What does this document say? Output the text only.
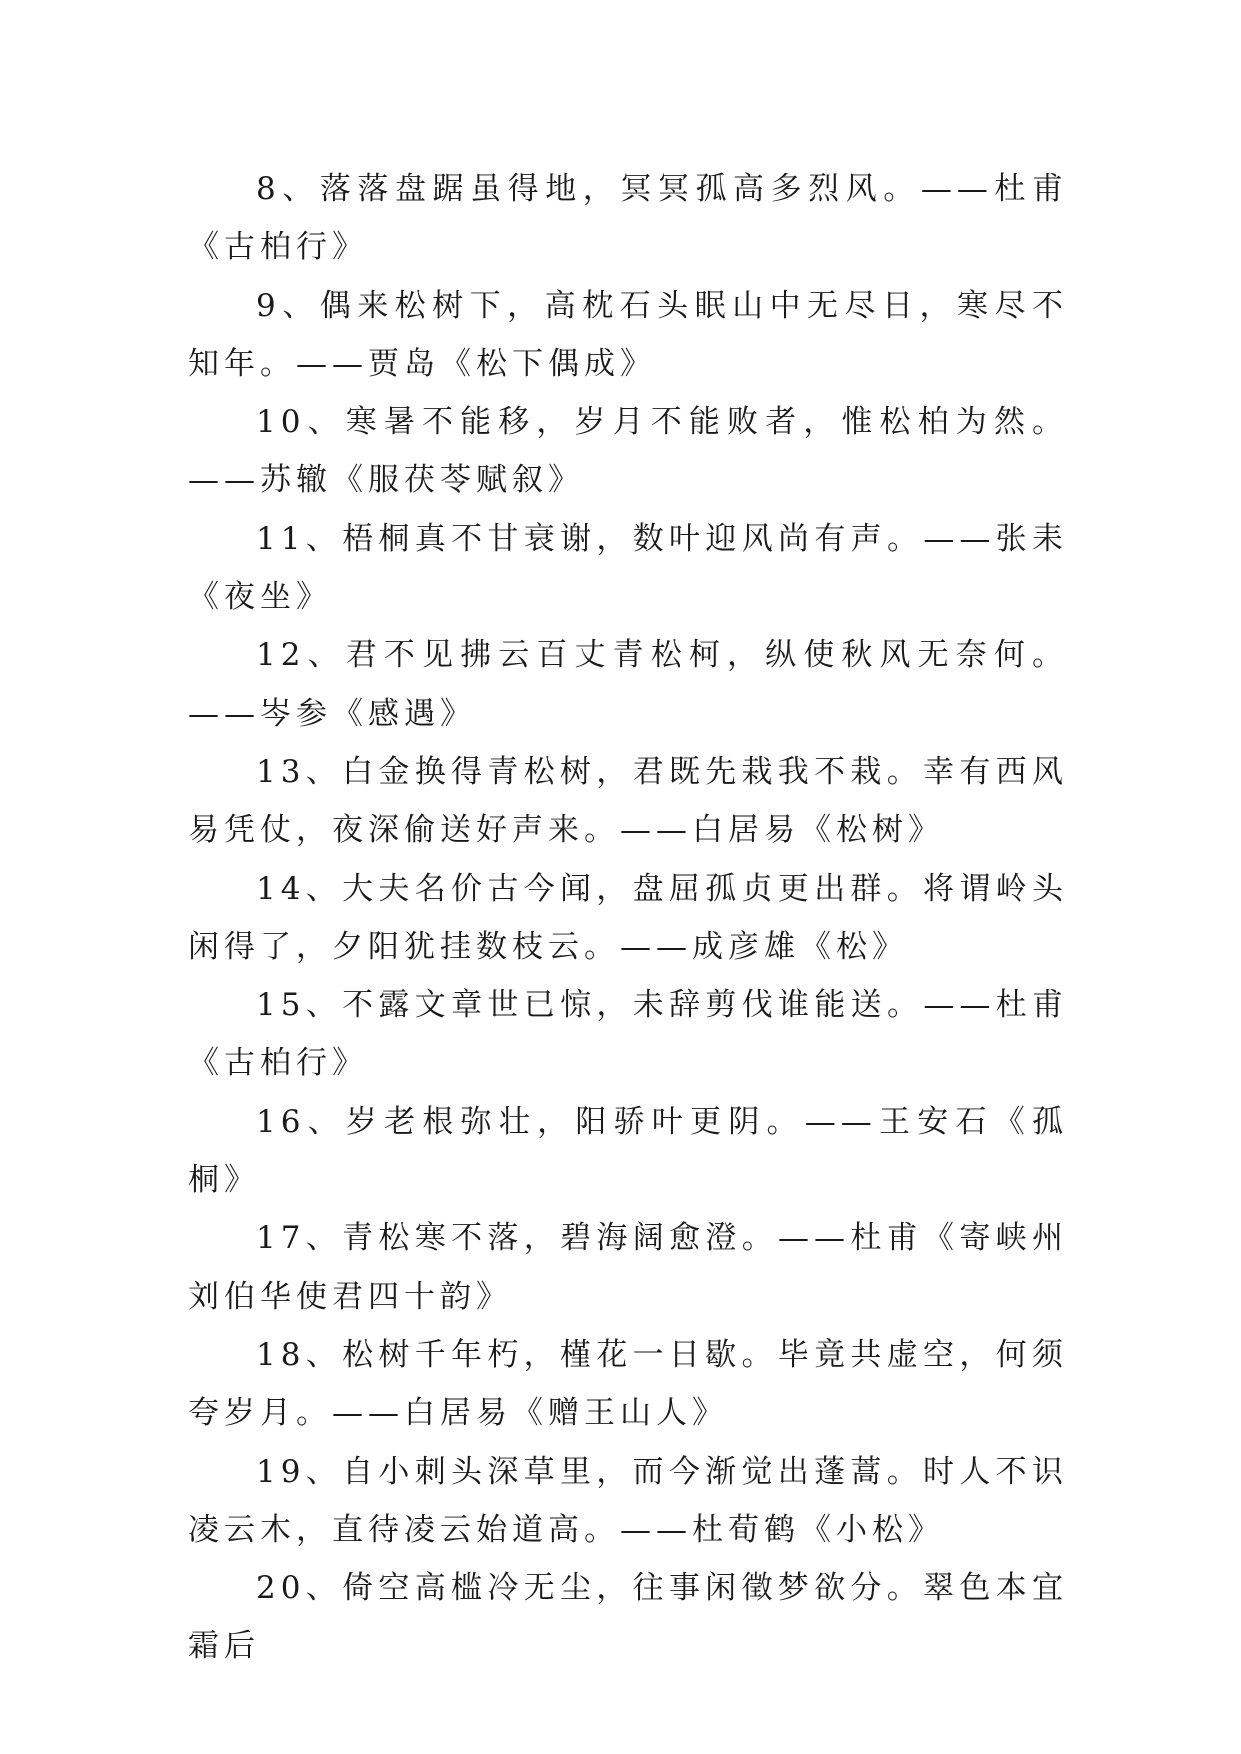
8、落落盘踞虽得地，冥冥孤高多烈风。——杜甫《古柏行》

9、偶来松树下，高枕石头眠山中无尽日，寒尽不知年。——贾岛《松下偶成》

10、寒暑不能移，岁月不能败者，惟松柏为然。——苏辙《服茯苓赋叙》

11、梧桐真不甘衰谢，数叶迎风尚有声。——张耒《夜坐》

12、君不见拂云百丈青松柯，纵使秋风无奈何。——岑参《感遇》

13、白金换得青松树，君既先栽我不栽。幸有西风易凭仗，夜深偷送好声来。——白居易《松树》

14、大夫名价古今闻，盘屈孤贞更出群。将谓岭头闲得了，夕阳犹挂数枝云。——成彦雄《松》

15、不露文章世已惊，未辞剪伐谁能送。——杜甫《古柏行》

16、岁老根弥壮，阳骄叶更阴。——王安石《孤桐》

17、青松寒不落，碧海阔愈澄。——杜甫《寄峡州刘伯华使君四十韵》

18、松树千年朽，槿花一日歇。毕竟共虚空，何须夸岁月。——白居易《赠王山人》

19、自小刺头深草里，而今渐觉出蓬蒿。时人不识凌云木，直待凌云始道高。——杜荀鹤《小松》

20、倚空高槛冷无尘，往事闲徵梦欲分。翠色本宜霜后
